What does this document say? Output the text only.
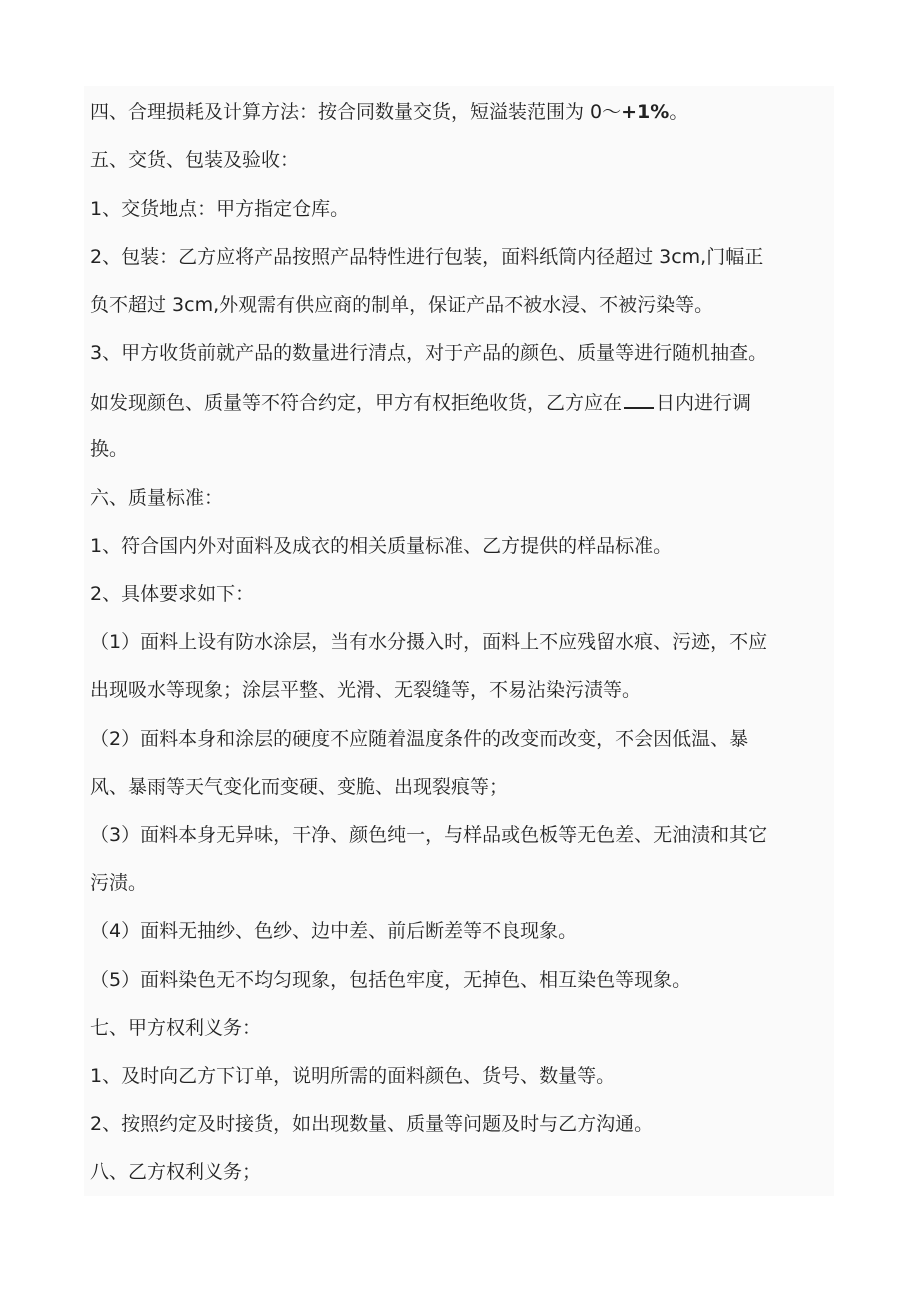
四、合理损耗及计算方法：按合同数量交货，短溢装范围为 0～+1%。
五、交货、包装及验收：
1、交货地点：甲方指定仓库。
2、包装：乙方应将产品按照产品特性进行包装，面料纸筒内径超过 3cm,门幅正
负不超过 3cm,外观需有供应商的制单，保证产品不被水浸、不被污染等。
3、甲方收货前就产品的数量进行清点，对于产品的颜色、质量等进行随机抽查。
如发现颜色、质量等不符合约定，甲方有权拒绝收货，乙方应在 日内进行调
换。
六、质量标准：
1、符合国内外对面料及成衣的相关质量标准、乙方提供的样品标准。
2、具体要求如下：
（1）面料上设有防水涂层，当有水分摄入时，面料上不应残留水痕、污迹，不应
出现吸水等现象；涂层平整、光滑、无裂缝等，不易沾染污渍等。
（2）面料本身和涂层的硬度不应随着温度条件的改变而改变，不会因低温、暴
风、暴雨等天气变化而变硬、变脆、出现裂痕等；
（3）面料本身无异味，干净、颜色纯一，与样品或色板等无色差、无油渍和其它
污渍。
（4）面料无抽纱、色纱、边中差、前后断差等不良现象。
（5）面料染色无不均匀现象，包括色牢度，无掉色、相互染色等现象。
七、甲方权利义务：
1、及时向乙方下订单，说明所需的面料颜色、货号、数量等。
2、按照约定及时接货，如出现数量、质量等问题及时与乙方沟通。
八、乙方权利义务；
